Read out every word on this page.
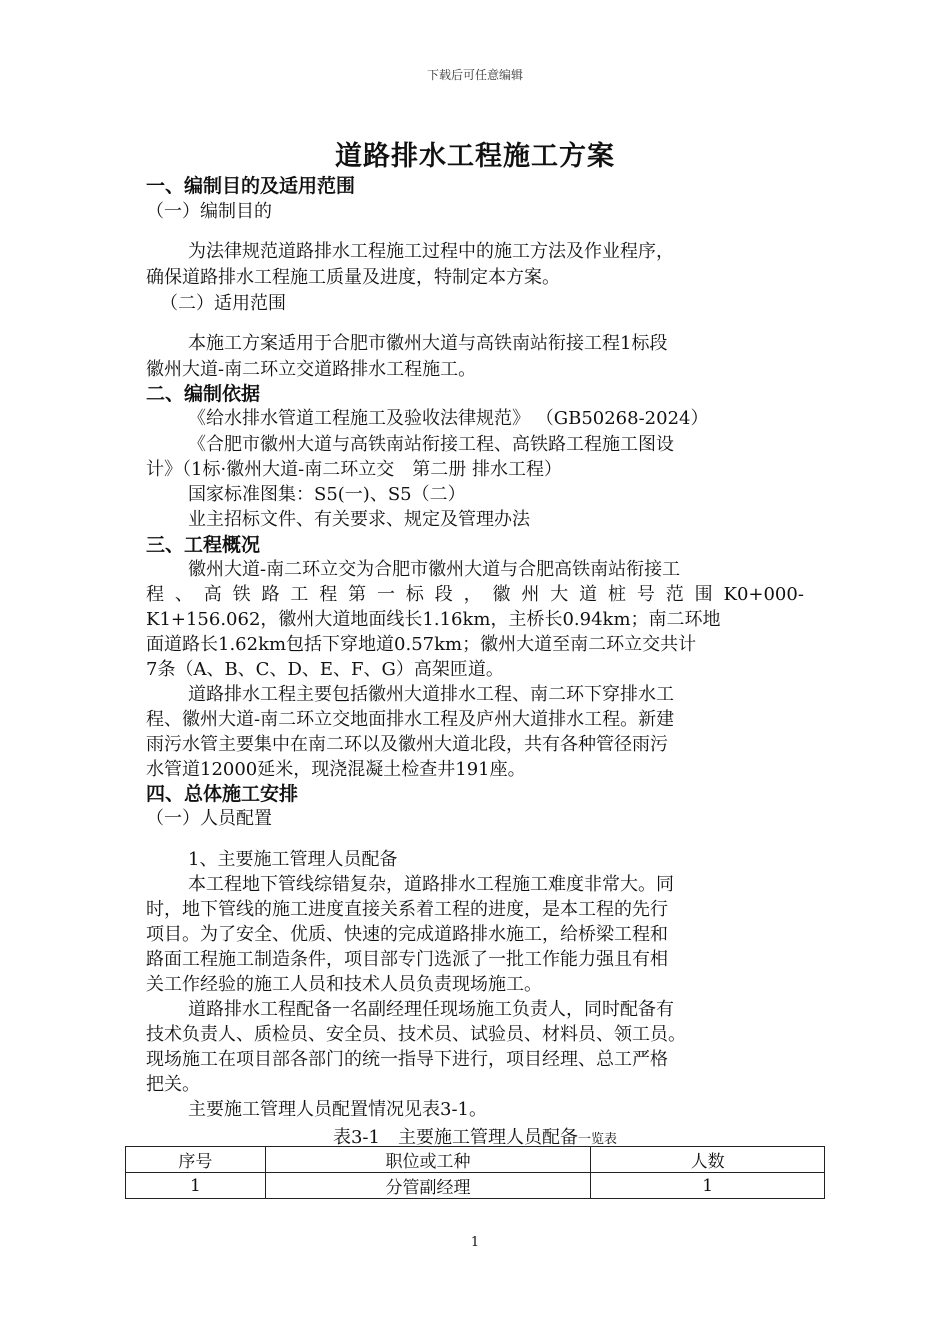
下载后可任意编辑
道路排水工程施工方案
一、编制目的及适用范围
（一）编制目的
为法律规范道路排水工程施工过程中的施工方法及作业程序，
确保道路排水工程施工质量及进度，特制定本方案。
（二）适用范围
本施工方案适用于合肥市徽州大道与高铁南站衔接工程1标段
徽州大道-南二环立交道路排水工程施工。
二、编制依据
《给水排水管道工程施工及验收法律规范》 （GB50268-2024）
《合肥市徽州大道与高铁南站衔接工程、高铁路工程施工图设
计》（1标·徽州大道-南二环立交　第二册 排水工程）
国家标准图集：S5(一)、S5（二）
业主招标文件、有关要求、规定及管理办法
三、工程概况
徽州大道-南二环立交为合肥市徽州大道与合肥高铁南站衔接工
程 、 高 铁 路 工 程 第 一 标 段 ， 徽 州 大 道 桩 号 范 围 K0+000-
K1+156.062，徽州大道地面线长1.16km，主桥长0.94km；南二环地
面道路长1.62km包括下穿地道0.57km；徽州大道至南二环立交共计
7条（A、B、C、D、E、F、G）高架匝道。
道路排水工程主要包括徽州大道排水工程、南二环下穿排水工
程、徽州大道-南二环立交地面排水工程及庐州大道排水工程。新建
雨污水管主要集中在南二环以及徽州大道北段，共有各种管径雨污
水管道12000延米，现浇混凝土检查井191座。
四、总体施工安排
（一）人员配置
1、主要施工管理人员配备
本工程地下管线综错复杂，道路排水工程施工难度非常大。同
时，地下管线的施工进度直接关系着工程的进度，是本工程的先行
项目。为了安全、优质、快速的完成道路排水施工，给桥梁工程和
路面工程施工制造条件，项目部专门选派了一批工作能力强且有相
关工作经验的施工人员和技术人员负责现场施工。
道路排水工程配备一名副经理任现场施工负责人，同时配备有
技术负责人、质检员、安全员、技术员、试验员、材料员、领工员。
现场施工在项目部各部门的统一指导下进行，项目经理、总工严格
把关。
主要施工管理人员配置情况见表3-1。
表3-1　主要施工管理人员配备一览表
序号	职位或工种	人数
1	分管副经理	1
1
